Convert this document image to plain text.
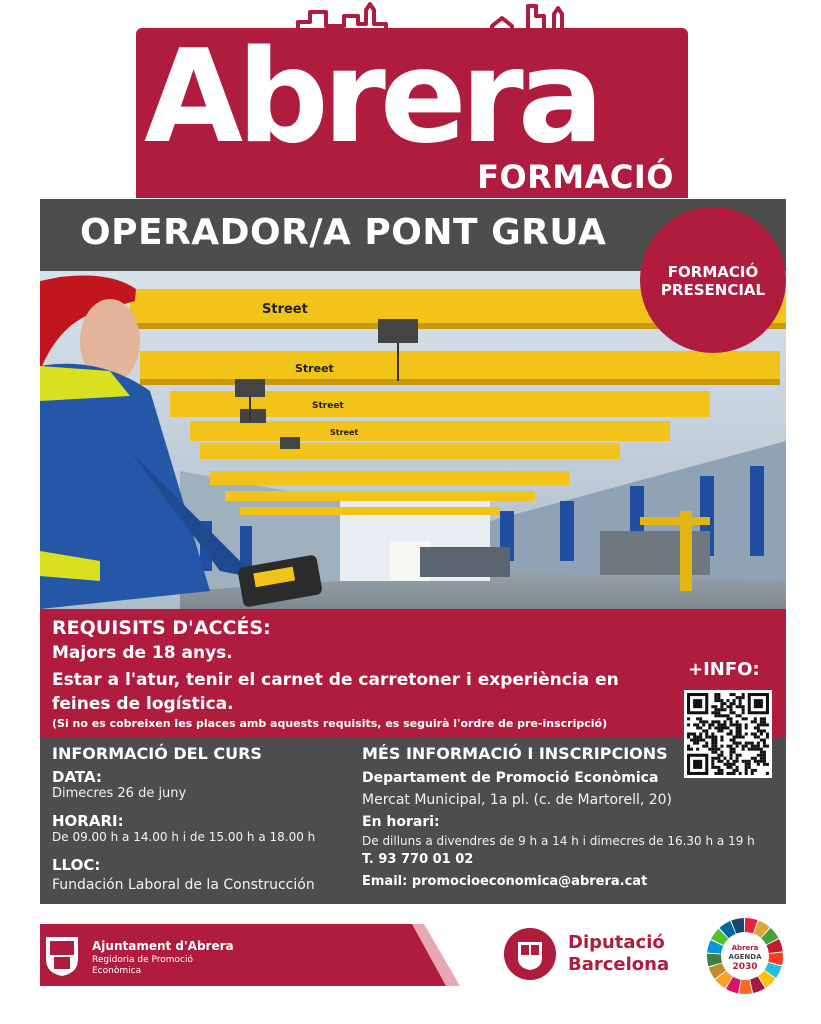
Abrera
FORMACIÓ
OPERADOR/A PONT GRUA
Street
Street
Street
Street
FORMACIÓ
PRESENCIAL
REQUISITS D'ACCÉS:
Majors de 18 anys.
Estar a l'atur, tenir el carnet de carretoner i experiència en feines de logística.
(Si no es cobreixen les places amb aquests requisits, es seguirà l'ordre de pre-inscripció)
+INFO:
INFORMACIÓ DEL CURS
DATA:
Dimecres 26 de juny
HORARI:
De 09.00 h a 14.00 h i de 15.00 h a 18.00 h
LLOC:
Fundación Laboral de la Construcción
MÉS INFORMACIÓ I INSCRIPCIONS
Departament de Promoció Econòmica
Mercat Municipal, 1a pl. (c. de Martorell, 20)
En horari:
De dilluns a divendres de 9 h a 14 h i dimecres de 16.30 h a 19 h
T. 93 770 01 02
Email: promocioeconomica@abrera.cat
Ajuntament d'Abrera
Regidoria de Promoció
Econòmica
Diputació
Barcelona
Abrera
AGENDA
2030
